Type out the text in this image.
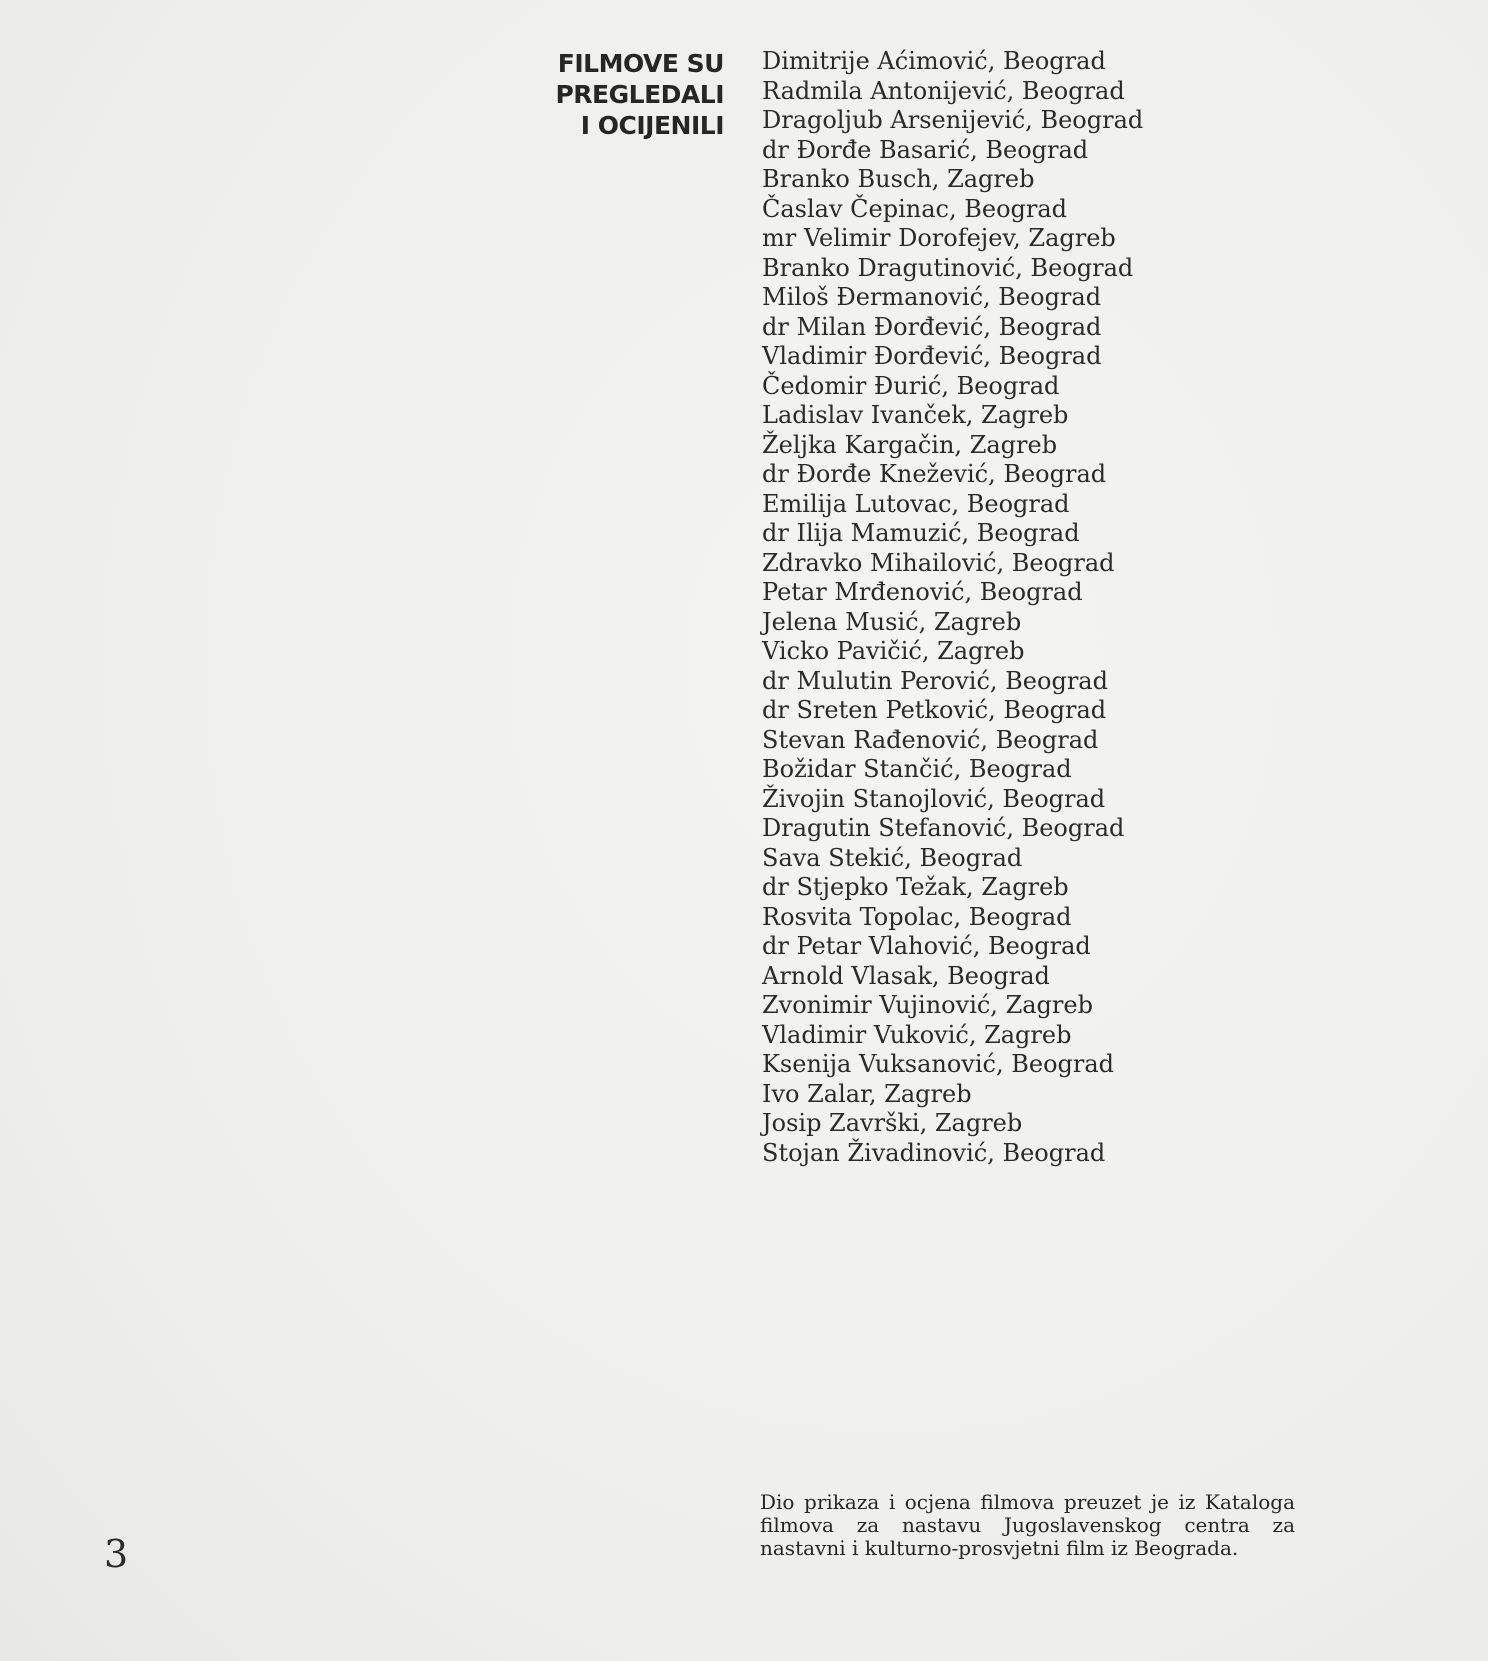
FILMOVE SU
PREGLEDALI
I OCIJENILI
Dimitrije Aćimović, Beograd
Radmila Antonijević, Beograd
Dragoljub Arsenijević, Beograd
dr Đorđe Basarić, Beograd
Branko Busch, Zagreb
Časlav Čepinac, Beograd
mr Velimir Dorofejev, Zagreb
Branko Dragutinović, Beograd
Miloš Đermanović, Beograd
dr Milan Đorđević, Beograd
Vladimir Đorđević, Beograd
Čedomir Đurić, Beograd
Ladislav Ivanček, Zagreb
Željka Kargačin, Zagreb
dr Đorđe Knežević, Beograd
Emilija Lutovac, Beograd
dr Ilija Mamuzić, Beograd
Zdravko Mihailović, Beograd
Petar Mrđenović, Beograd
Jelena Musić, Zagreb
Vicko Pavičić, Zagreb
dr Mulutin Perović, Beograd
dr Sreten Petković, Beograd
Stevan Rađenović, Beograd
Božidar Stančić, Beograd
Živojin Stanojlović, Beograd
Dragutin Stefanović, Beograd
Sava Stekić, Beograd
dr Stjepko Težak, Zagreb
Rosvita Topolac, Beograd
dr Petar Vlahović, Beograd
Arnold Vlasak, Beograd
Zvonimir Vujinović, Zagreb
Vladimir Vuković, Zagreb
Ksenija Vuksanović, Beograd
Ivo Zalar, Zagreb
Josip Završki, Zagreb
Stojan Živadinović, Beograd
Dio prikaza i ocjena filmova preuzet je iz Kataloga filmova za nastavu Jugoslavenskog centra za nastavni i kulturno-prosvjetni film iz Beograda.
3
